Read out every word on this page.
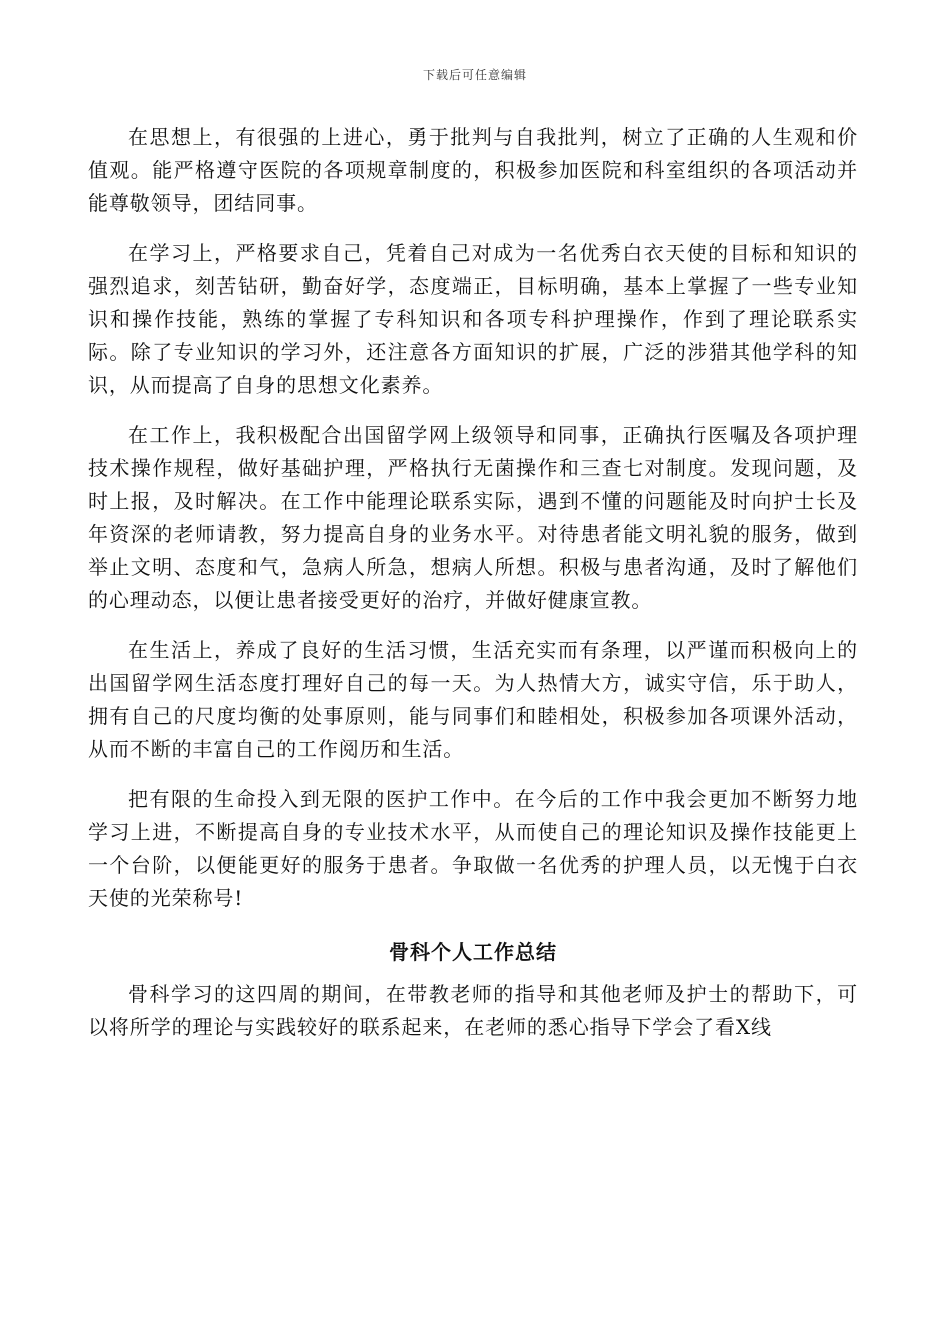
下载后可任意编辑

在思想上，有很强的上进心，勇于批判与自我批判，树立了正确的人生观和价值观。能严格遵守医院的各项规章制度的，积极参加医院和科室组织的各项活动并能尊敬领导，团结同事。

在学习上，严格要求自己，凭着自己对成为一名优秀白衣天使的目标和知识的强烈追求，刻苦钻研，勤奋好学，态度端正，目标明确，基本上掌握了一些专业知识和操作技能，熟练的掌握了专科知识和各项专科护理操作，作到了理论联系实际。除了专业知识的学习外，还注意各方面知识的扩展，广泛的涉猎其他学科的知识，从而提高了自身的思想文化素养。

在工作上，我积极配合出国留学网上级领导和同事，正确执行医嘱及各项护理技术操作规程，做好基础护理，严格执行无菌操作和三查七对制度。发现问题，及时上报，及时解决。在工作中能理论联系实际，遇到不懂的问题能及时向护士长及年资深的老师请教，努力提高自身的业务水平。对待患者能文明礼貌的服务，做到举止文明、态度和气，急病人所急，想病人所想。积极与患者沟通，及时了解他们的心理动态，以便让患者接受更好的治疗，并做好健康宣教。

在生活上，养成了良好的生活习惯，生活充实而有条理，以严谨而积极向上的出国留学网生活态度打理好自己的每一天。为人热情大方，诚实守信，乐于助人，拥有自己的尺度均衡的处事原则，能与同事们和睦相处，积极参加各项课外活动，从而不断的丰富自己的工作阅历和生活。

把有限的生命投入到无限的医护工作中。在今后的工作中我会更加不断努力地学习上进，不断提高自身的专业技术水平，从而使自己的理论知识及操作技能更上一个台阶，以便能更好的服务于患者。争取做一名优秀的护理人员，以无愧于白衣天使的光荣称号!

骨科个人工作总结

骨科学习的这四周的期间，在带教老师的指导和其他老师及护士的帮助下，可以将所学的理论与实践较好的联系起来，在老师的悉心指导下学会了看X线
